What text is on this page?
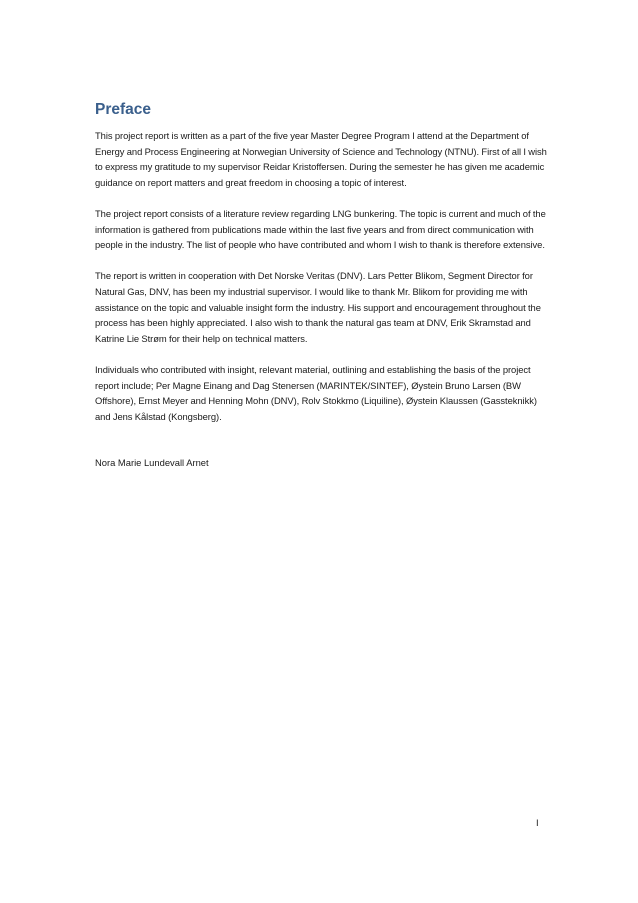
Preface

This project report is written as a part of the five year Master Degree Program I attend at the Department of Energy and Process Engineering at Norwegian University of Science and Technology (NTNU). First of all I wish to express my gratitude to my supervisor Reidar Kristoffersen. During the semester he has given me academic guidance on report matters and great freedom in choosing a topic of interest.

The project report consists of a literature review regarding LNG bunkering. The topic is current and much of the information is gathered from publications made within the last five years and from direct communication with people in the industry. The list of people who have contributed and whom I wish to thank is therefore extensive.

The report is written in cooperation with Det Norske Veritas (DNV). Lars Petter Blikom, Segment Director for Natural Gas, DNV, has been my industrial supervisor. I would like to thank Mr. Blikom for providing me with assistance on the topic and valuable insight form the industry. His support and encouragement throughout the process has been highly appreciated. I also wish to thank the natural gas team at DNV, Erik Skramstad and Katrine Lie Strøm for their help on technical matters.

Individuals who contributed with insight, relevant material, outlining and establishing the basis of the project report include; Per Magne Einang and Dag Stenersen (MARINTEK/SINTEF), Øystein Bruno Larsen (BW Offshore), Ernst Meyer and Henning Mohn (DNV), Rolv Stokkmo (Liquiline), Øystein Klaussen (Gassteknikk) and Jens Kålstad (Kongsberg).

Nora Marie Lundevall Arnet
I
